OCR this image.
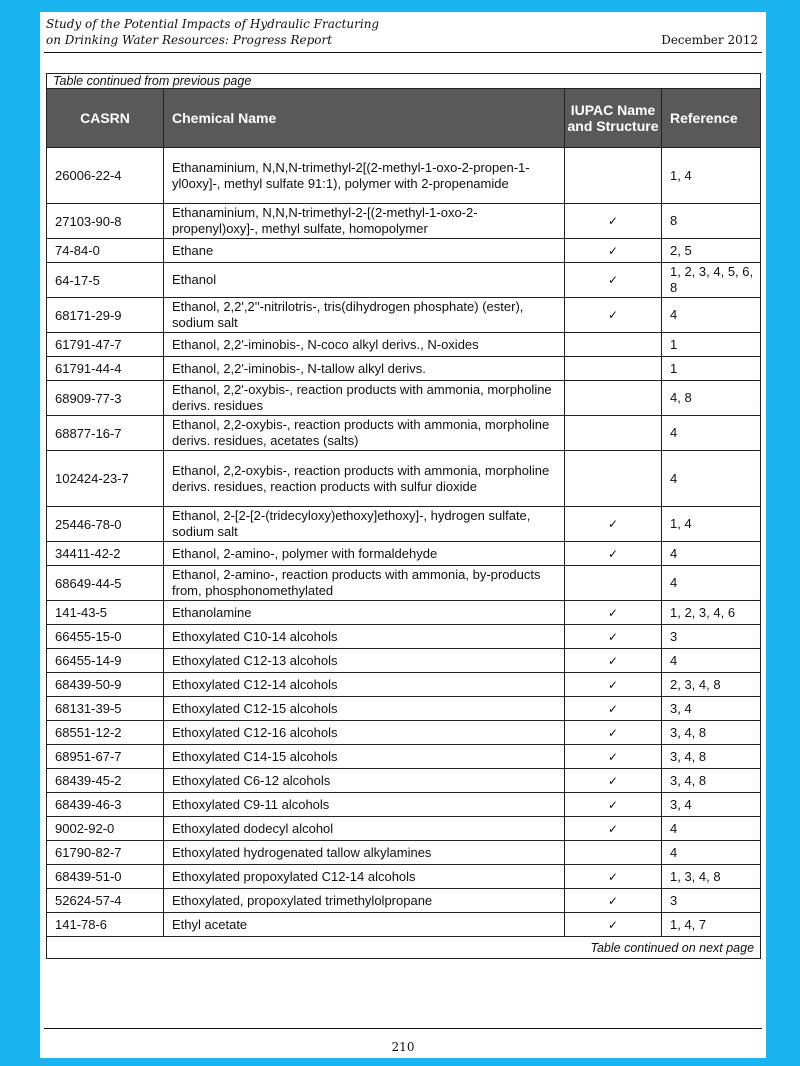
Study of the Potential Impacts of Hydraulic Fracturing
on Drinking Water Resources: Progress Report	December 2012
Table continued from previous page			
CASRN	Chemical Name	IUPAC Name and Structure	Reference
26006-22-4	Ethanaminium, N,N,N-trimethyl-2[(2-methyl-1-oxo-2-propen-1-yl0oxy]-, methyl sulfate 91:1), polymer with 2-propenamide		1, 4
27103-90-8	Ethanaminium, N,N,N-trimethyl-2-[(2-methyl-1-oxo-2-propenyl)oxy]-, methyl sulfate, homopolymer	✓	8
74-84-0	Ethane	✓	2, 5
64-17-5	Ethanol	✓	1, 2, 3, 4, 5, 6, 8
68171-29-9	Ethanol, 2,2',2''-nitrilotris-, tris(dihydrogen phosphate) (ester), sodium salt	✓	4
61791-47-7	Ethanol, 2,2'-iminobis-, N-coco alkyl derivs., N-oxides		1
61791-44-4	Ethanol, 2,2'-iminobis-, N-tallow alkyl derivs.		1
68909-77-3	Ethanol, 2,2'-oxybis-, reaction products with ammonia, morpholine derivs. residues		4, 8
68877-16-7	Ethanol, 2,2-oxybis-, reaction products with ammonia, morpholine derivs. residues, acetates (salts)		4
102424-23-7	Ethanol, 2,2-oxybis-, reaction products with ammonia, morpholine derivs. residues, reaction products with sulfur dioxide		4
25446-78-0	Ethanol, 2-[2-[2-(tridecyloxy)ethoxy]ethoxy]-, hydrogen sulfate, sodium salt	✓	1, 4
34411-42-2	Ethanol, 2-amino-, polymer with formaldehyde	✓	4
68649-44-5	Ethanol, 2-amino-, reaction products with ammonia, by-products from, phosphonomethylated		4
141-43-5	Ethanolamine	✓	1, 2, 3, 4, 6
66455-15-0	Ethoxylated C10-14 alcohols	✓	3
66455-14-9	Ethoxylated C12-13 alcohols	✓	4
68439-50-9	Ethoxylated C12-14 alcohols	✓	2, 3, 4, 8
68131-39-5	Ethoxylated C12-15 alcohols	✓	3, 4
68551-12-2	Ethoxylated C12-16 alcohols	✓	3, 4, 8
68951-67-7	Ethoxylated C14-15 alcohols	✓	3, 4, 8
68439-45-2	Ethoxylated C6-12 alcohols	✓	3, 4, 8
68439-46-3	Ethoxylated C9-11 alcohols	✓	3, 4
9002-92-0	Ethoxylated dodecyl alcohol	✓	4
61790-82-7	Ethoxylated hydrogenated tallow alkylamines		4
68439-51-0	Ethoxylated propoxylated C12-14 alcohols	✓	1, 3, 4, 8
52624-57-4	Ethoxylated, propoxylated trimethylolpropane	✓	3
141-78-6	Ethyl acetate	✓	1, 4, 7
Table continued on next page			
210
